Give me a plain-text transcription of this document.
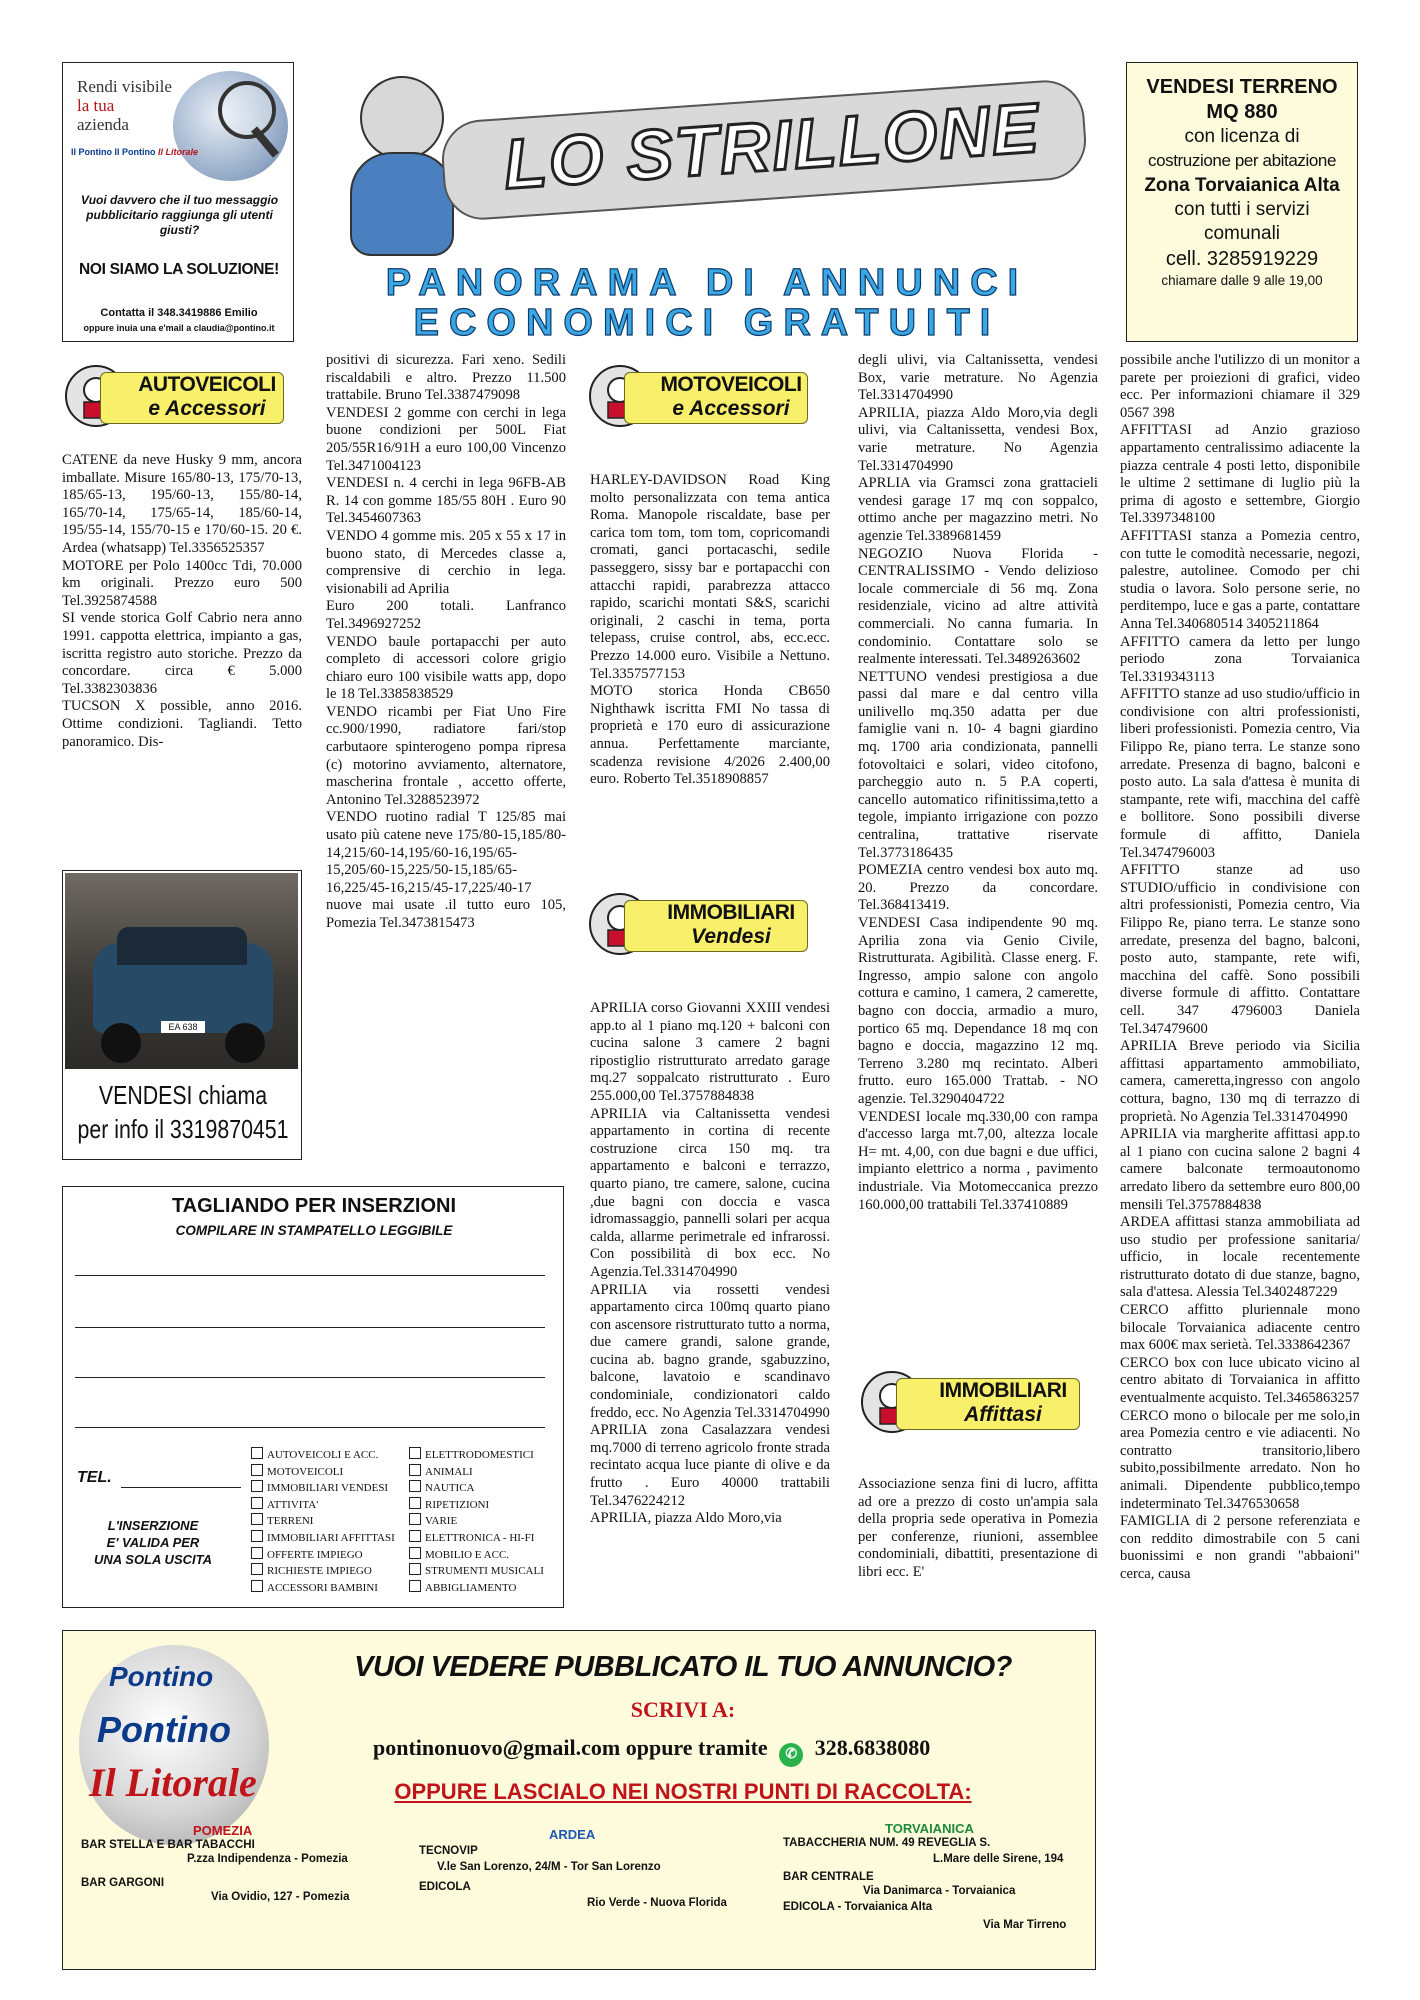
Rendi visibile
la tua
azienda
Il Pontino Il Pontino Il Litorale
Vuoi davvero che il tuo messaggio pubblicitario raggiunga gli utenti giusti?
NOI SIAMO LA SOLUZIONE!
Contatta il 348.3419886 Emilio
oppure inuia una e'mail a claudia@pontino.it
LO STRILLONE
PANORAMA DI ANNUNCI
ECONOMICI GRATUITI
VENDESI TERRENO
MQ 880
con licenza di
costruzione per abitazione
Zona Torvaianica Alta
con tutti i servizi
comunali
cell. 3285919229
chiamare dalle 9 alle 19,00
AUTOVEICOLI
e Accessori
MOTOVEICOLI
e Accessori
IMMOBILIARI
Vendesi
IMMOBILIARI
Affittasi

CATENE da neve Husky 9 mm, ancora imballate. Misure 165/80-13, 175/70-13, 185/65-13, 195/60-13, 155/80-14, 165/70-14, 175/65-14, 185/60-14, 195/55-14, 155/70-15 e 170/60-15. 20 €. Ardea (whatsapp) Tel.3356525357

MOTORE per Polo 1400cc Tdi, 70.000 km originali. Prezzo euro 500 Tel.3925874588

SI vende storica Golf Cabrio nera anno 1991. cappotta elettrica, impianto a gas, iscritta registro auto storiche. Prezzo da concordare. circa € 5.000 Tel.3382303836

TUCSON X possible, anno 2016. Ottime condizioni. Tagliandi. Tetto panoramico. Dis-

EA 638
VENDESI chiama
per info il 3319870451

positivi di sicurezza. Fari xeno. Sedili riscaldabili e altro. Prezzo 11.500 trattabile. Bruno Tel.3387479098

VENDESI 2 gomme con cerchi in lega buone condizioni per 500L Fiat 205/55R16/91H a euro 100,00 Vincenzo Tel.3471004123

VENDESI n. 4 cerchi in lega 96FB-AB R. 14 con gomme 185/55 80H . Euro 90 Tel.3454607363

VENDO 4 gomme mis. 205 x 55 x 17 in buono stato, di Mercedes classe a, comprensive di cerchio in lega. visionabili ad Aprilia

Euro 200 totali. Lanfranco Tel.3496927252

VENDO baule portapacchi per auto completo di accessori colore grigio chiaro euro 100 visibile watts app, dopo le 18 Tel.3385838529

VENDO ricambi per Fiat Uno Fire cc.900/1990, radiatore fari/stop carbutaore spinterogeno pompa ripresa (c) motorino avviamento, alternatore, mascherina frontale , accetto offerte, Antonino Tel.3288523972

VENDO ruotino radial T 125/85 mai usato più catene neve 175/80-15,185/80-14,215/60-14,195/60-16,195/65-15,205/60-15,225/50-15,185/65-16,225/45-16,215/45-17,225/40-17 nuove mai usate .il tutto euro 105, Pomezia Tel.3473815473

HARLEY-DAVIDSON Road King molto personalizzata con tema antica Roma. Manopole riscaldate, base per carica tom tom, tom tom, copricomandi cromati, ganci portacaschi, sedile passeggero, sissy bar e portapacchi con attacchi rapidi, parabrezza attacco rapido, scarichi montati S&S, scarichi originali, 2 caschi in tema, porta telepass, cruise control, abs, ecc.ecc. Prezzo 14.000 euro. Visibile a Nettuno. Tel.3357577153

MOTO storica Honda CB650 Nighthawk iscritta FMI No tassa di proprietà e 170 euro di assicurazione annua. Perfettamente marciante, scadenza revisione 4/2026 2.400,00 euro. Roberto Tel.3518908857

APRILIA corso Giovanni XXIII vendesi app.to al 1 piano mq.120 + balconi con cucina salone 3 camere 2 bagni ripostiglio ristrutturato arredato garage mq.27 soppalcato ristrutturato . Euro 255.000,00 Tel.3757884838

APRILIA via Caltanissetta vendesi appartamento in cortina di recente costruzione circa 150 mq. tra appartamento e balconi e terrazzo, quarto piano, tre camere, salone, cucina ,due bagni con doccia e vasca idromassaggio, pannelli solari per acqua calda, allarme perimetrale ed infrarossi. Con possibilità di box ecc. No Agenzia.Tel.3314704990

APRILIA via rossetti vendesi appartamento circa 100mq quarto piano con ascensore ristrutturato tutto a norma, due camere grandi, salone grande, cucina ab. bagno grande, sgabuzzino, balcone, lavatoio e scandinavo condominiale, condizionatori caldo freddo, ecc. No Agenzia Tel.3314704990

APRILIA zona Casalazzara vendesi mq.7000 di terreno agricolo fronte strada recintato acqua luce piante di olive e da frutto . Euro 40000 trattabili Tel.3476224212

APRILIA, piazza Aldo Moro,via

degli ulivi, via Caltanissetta, vendesi Box, varie metrature. No Agenzia Tel.3314704990

APRILIA, piazza Aldo Moro,via degli ulivi, via Caltanissetta, vendesi Box, varie metrature. No Agenzia Tel.3314704990

APRLIA via Gramsci zona grattacieli vendesi garage 17 mq con soppalco, ottimo anche per magazzino metri. No agenzie Tel.3389681459

NEGOZIO Nuova Florida - CENTRALISSIMO - Vendo delizioso locale commerciale di 56 mq. Zona residenziale, vicino ad altre attività commerciali. No canna fumaria. In condominio. Contattare solo se realmente interessati. Tel.3489263602

NETTUNO vendesi prestigiosa a due passi dal mare e dal centro villa unilivello mq.350 adatta per due famiglie vani n. 10- 4 bagni giardino mq. 1700 aria condizionata, pannelli fotovoltaici e solari, video citofono, parcheggio auto n. 5 P.A coperti, cancello automatico rifinitissima,tetto a tegole, impianto irrigazione con pozzo centralina, trattative riservate Tel.3773186435

POMEZIA centro vendesi box auto mq. 20. Prezzo da concordare. Tel.368413419.

VENDESI Casa indipendente 90 mq. Aprilia zona via Genio Civile, Ristrutturata. Agibilità. Classe energ. F. Ingresso, ampio salone con angolo cottura e camino, 1 camera, 2 camerette, bagno con doccia, armadio a muro, portico 65 mq. Dependance 18 mq con bagno e doccia, magazzino 12 mq. Terreno 3.280 mq recintato. Alberi frutto. euro 165.000 Trattab. - NO agenzie. Tel.3290404722

VENDESI locale mq.330,00 con rampa d'accesso larga mt.7,00, altezza locale H= mt. 4,00, con due bagni e due uffici, impianto elettrico a norma , pavimento industriale. Via Motomeccanica prezzo 160.000,00 trattabili Tel.337410889

Associazione senza fini di lucro, affitta ad ore a prezzo di costo un'ampia sala della propria sede operativa in Pomezia per conferenze, riunioni, assemblee condominiali, dibattiti, presentazione di libri ecc. E'

possibile anche l'utilizzo di un monitor a parete per proiezioni di grafici, video ecc. Per informazioni chiamare il 329 0567 398

AFFITTASI ad Anzio grazioso appartamento centralissimo adiacente la piazza centrale 4 posti letto, disponibile le ultime 2 settimane di luglio più la prima di agosto e settembre, Giorgio Tel.3397348100

AFFITTASI stanza a Pomezia centro, con tutte le comodità necessarie, negozi, palestre, autolinee. Comodo per chi studia o lavora. Solo persone serie, no perditempo, luce e gas a parte, contattare Anna Tel.340680514 3405211864

AFFITTO camera da letto per lungo periodo zona Torvaianica Tel.3319343113

AFFITTO stanze ad uso studio/ufficio in condivisione con altri professionisti, liberi professionisti. Pomezia centro, Via Filippo Re, piano terra. Le stanze sono arredate. Presenza di bagno, balconi e posto auto. La sala d'attesa è munita di stampante, rete wifi, macchina del caffè e bollitore. Sono possibili diverse formule di affitto, Daniela Tel.3474796003

AFFITTO stanze ad uso STUDIO/ufficio in condivisione con altri professionisti, Pomezia centro, Via Filippo Re, piano terra. Le stanze sono arredate, presenza del bagno, balconi, posto auto, stampante, rete wifi, macchina del caffè. Sono possibili diverse formule di affitto. Contattare cell. 347 4796003 Daniela Tel.347479600

APRILIA Breve periodo via Sicilia affittasi appartamento ammobiliato, camera, cameretta,ingresso con angolo cottura, bagno, 130 mq di terrazzo di proprietà. No Agenzia Tel.3314704990

APRILIA via margherite affittasi app.to al 1 piano con cucina salone 2 bagni 4 camere balconate termoautonomo arredato libero da settembre euro 800,00 mensili Tel.3757884838

ARDEA affittasi stanza ammobiliata ad uso studio per professione sanitaria/ ufficio, in locale recentemente ristrutturato dotato di due stanze, bagno, sala d'attesa. Alessia Tel.3402487229

CERCO affitto pluriennale mono bilocale Torvaianica adiacente centro max 600€ max serietà. Tel.3338642367

CERCO box con luce ubicato vicino al centro abitato di Torvaianica in affitto eventualmente acquisto. Tel.3465863257

CERCO mono o bilocale per me solo,in area Pomezia centro e vie adiacenti. No contratto transitorio,libero subito,possibilmente arredato. Non ho animali. Dipendente pubblico,tempo indeterminato Tel.3476530658

FAMIGLIA di 2 persone referenziata e con reddito dimostrabile con 5 cani buonissimi e non grandi "abbaioni" cerca, causa

TAGLIANDO PER INSERZIONI
COMPILARE IN STAMPATELLO LEGGIBILE
TEL.
L'INSERZIONE
E' VALIDA PER
UNA SOLA USCITA
AUTOVEICOLI E ACC.
MOTOVEICOLI
IMMOBILIARI VENDESI
ATTIVITA'
TERRENI
IMMOBILIARI AFFITTASI
OFFERTE IMPIEGO
RICHIESTE IMPIEGO
ACCESSORI BAMBINI
ELETTRODOMESTICI
ANIMALI
NAUTICA
RIPETIZIONI
VARIE
ELETTRONICA - HI-FI
MOBILIO E ACC.
STRUMENTI MUSICALI
ABBIGLIAMENTO
Pontino
Pontino
Il Litorale
VUOI VEDERE PUBBLICATO IL TUO ANNUNCIO?
SCRIVI A:
pontinonuovo@gmail.com oppure tramite ✆ 328.6838080
OPPURE LASCIALO NEI NOSTRI PUNTI DI RACCOLTA:
POMEZIA
BAR STELLA E BAR TABACCHI
P.zza Indipendenza - Pomezia
BAR GARGONI
Via Ovidio, 127 - Pomezia
ARDEA
TECNOVIP
V.le San Lorenzo, 24/M - Tor San Lorenzo
EDICOLA
Rio Verde - Nuova Florida
TORVAIANICA
TABACCHERIA NUM. 49 REVEGLIA S.
L.Mare delle Sirene, 194
BAR CENTRALE
Via Danimarca - Torvaianica
EDICOLA - Torvaianica Alta
Via Mar Tirreno
